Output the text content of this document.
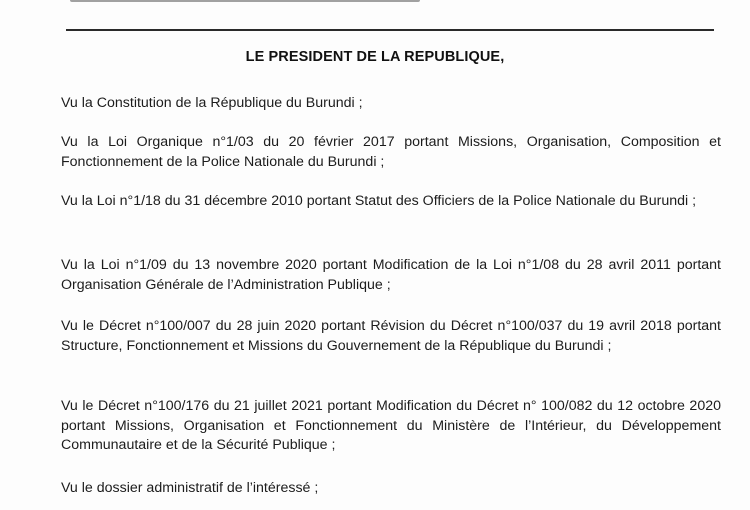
LE PRESIDENT DE LA REPUBLIQUE,
Vu la Constitution de la République du Burundi ;
Vu la Loi Organique n°1/03 du 20 février 2017 portant Missions, Organisation, Composition et Fonctionnement de la Police Nationale du Burundi ;
Vu la Loi n°1/18 du 31 décembre 2010 portant Statut des Officiers de la Police Nationale du Burundi ;
Vu la Loi n°1/09 du 13 novembre 2020 portant Modification de la Loi n°1/08 du 28 avril 2011 portant Organisation Générale de l’Administration Publique ;
Vu le Décret n°100/007 du 28 juin 2020 portant Révision du Décret n°100/037 du 19 avril 2018 portant Structure, Fonctionnement et Missions du Gouvernement de la République du Burundi ;
Vu le Décret n°100/176 du 21 juillet 2021 portant Modification du Décret n° 100/082 du 12 octobre 2020 portant Missions, Organisation et Fonctionnement du Ministère de l’Intérieur, du Développement Communautaire et de la Sécurité Publique ;
Vu le dossier administratif de l’intéressé ;
